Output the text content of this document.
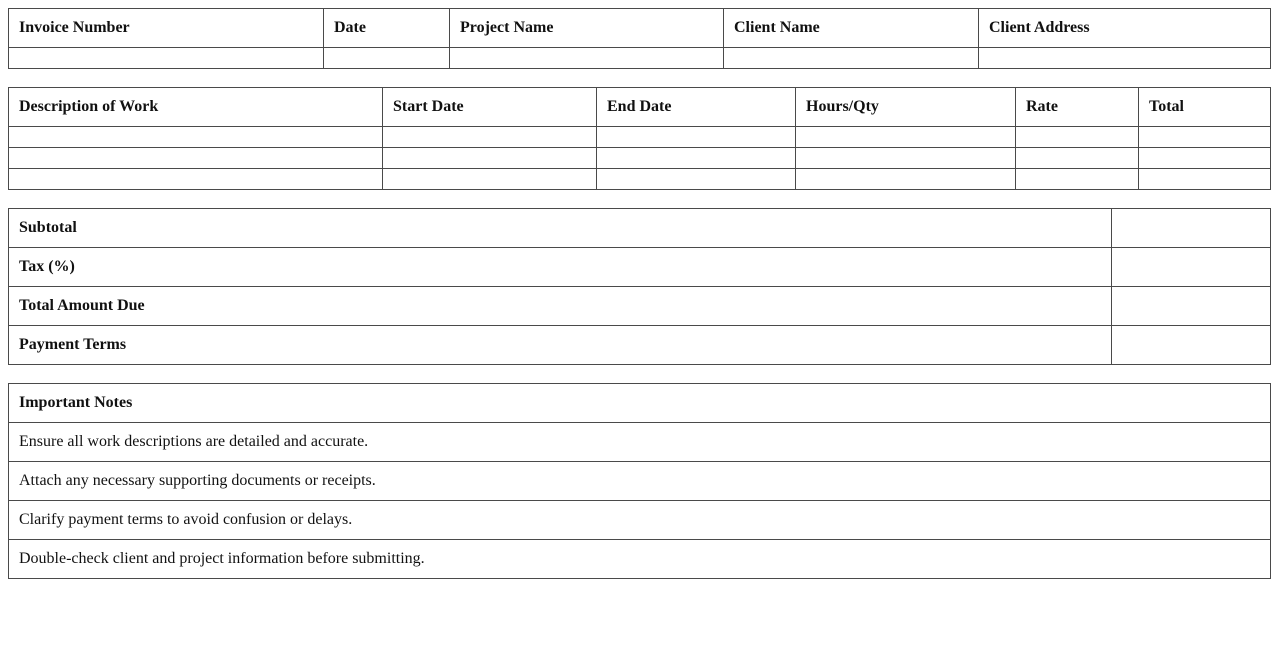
Invoice Number	Date	Project Name	Client Name	Client Address

Description of Work	Start Date	End Date	Hours/Qty	Rate	Total

Subtotal	
Tax (%)	
Total Amount Due	
Payment Terms	
Important Notes
Ensure all work descriptions are detailed and accurate.
Attach any necessary supporting documents or receipts.
Clarify payment terms to avoid confusion or delays.
Double-check client and project information before submitting.
